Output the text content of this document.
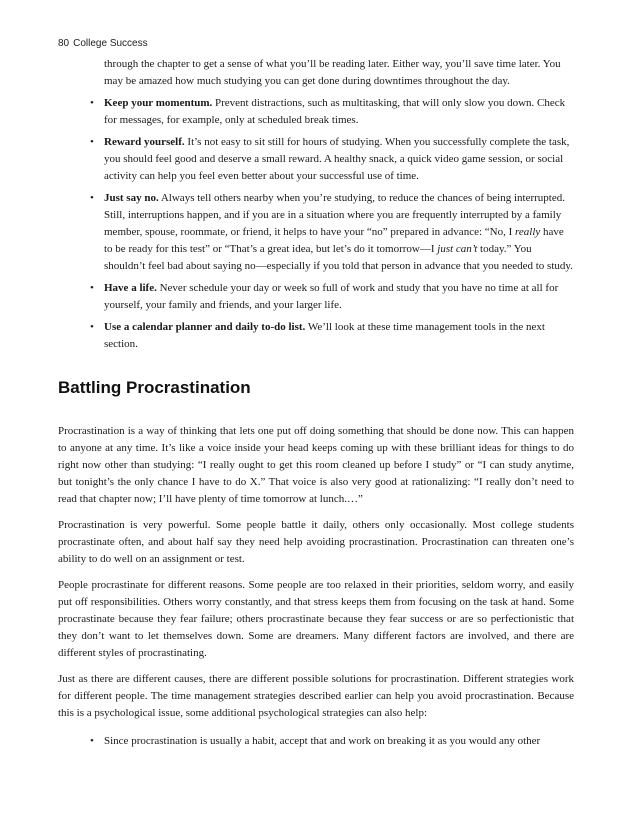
80 College Success

through the chapter to get a sense of what you’ll be reading later. Either way, you’ll save time later. You may be amazed how much studying you can get done during downtimes throughout the day.

• Keep your momentum. Prevent distractions, such as multitasking, that will only slow you down. Check for messages, for example, only at scheduled break times.
• Reward yourself. It’s not easy to sit still for hours of studying. When you successfully complete the task, you should feel good and deserve a small reward. A healthy snack, a quick video game session, or social activity can help you feel even better about your successful use of time.
• Just say no. Always tell others nearby when you’re studying, to reduce the chances of being interrupted. Still, interruptions happen, and if you are in a situation where you are frequently interrupted by a family member, spouse, roommate, or friend, it helps to have your “no” prepared in advance: “No, I really have to be ready for this test” or “That’s a great idea, but let’s do it tomorrow—I just can’t today.” You shouldn’t feel bad about saying no—especially if you told that person in advance that you needed to study.
• Have a life. Never schedule your day or week so full of work and study that you have no time at all for yourself, your family and friends, and your larger life.
• Use a calendar planner and daily to-do list. We’ll look at these time management tools in the next section.
Battling Procrastination

Procrastination is a way of thinking that lets one put off doing something that should be done now. This can happen to anyone at any time. It’s like a voice inside your head keeps coming up with these brilliant ideas for things to do right now other than studying: “I really ought to get this room cleaned up before I study” or “I can study anytime, but tonight’s the only chance I have to do X.” That voice is also very good at rationalizing: “I really don’t need to read that chapter now; I’ll have plenty of time tomorrow at lunch.…”

Procrastination is very powerful. Some people battle it daily, others only occasionally. Most college students procrastinate often, and about half say they need help avoiding procrastination. Procrastination can threaten one’s ability to do well on an assignment or test.

People procrastinate for different reasons. Some people are too relaxed in their priorities, seldom worry, and easily put off responsibilities. Others worry constantly, and that stress keeps them from focusing on the task at hand. Some procrastinate because they fear failure; others procrastinate because they fear success or are so perfectionistic that they don’t want to let themselves down. Some are dreamers. Many different factors are involved, and there are different styles of procrastinating.

Just as there are different causes, there are different possible solutions for procrastination. Different strategies work for different people. The time management strategies described earlier can help you avoid procrastination. Because this is a psychological issue, some additional psychological strategies can also help:

• Since procrastination is usually a habit, accept that and work on breaking it as you would any other
